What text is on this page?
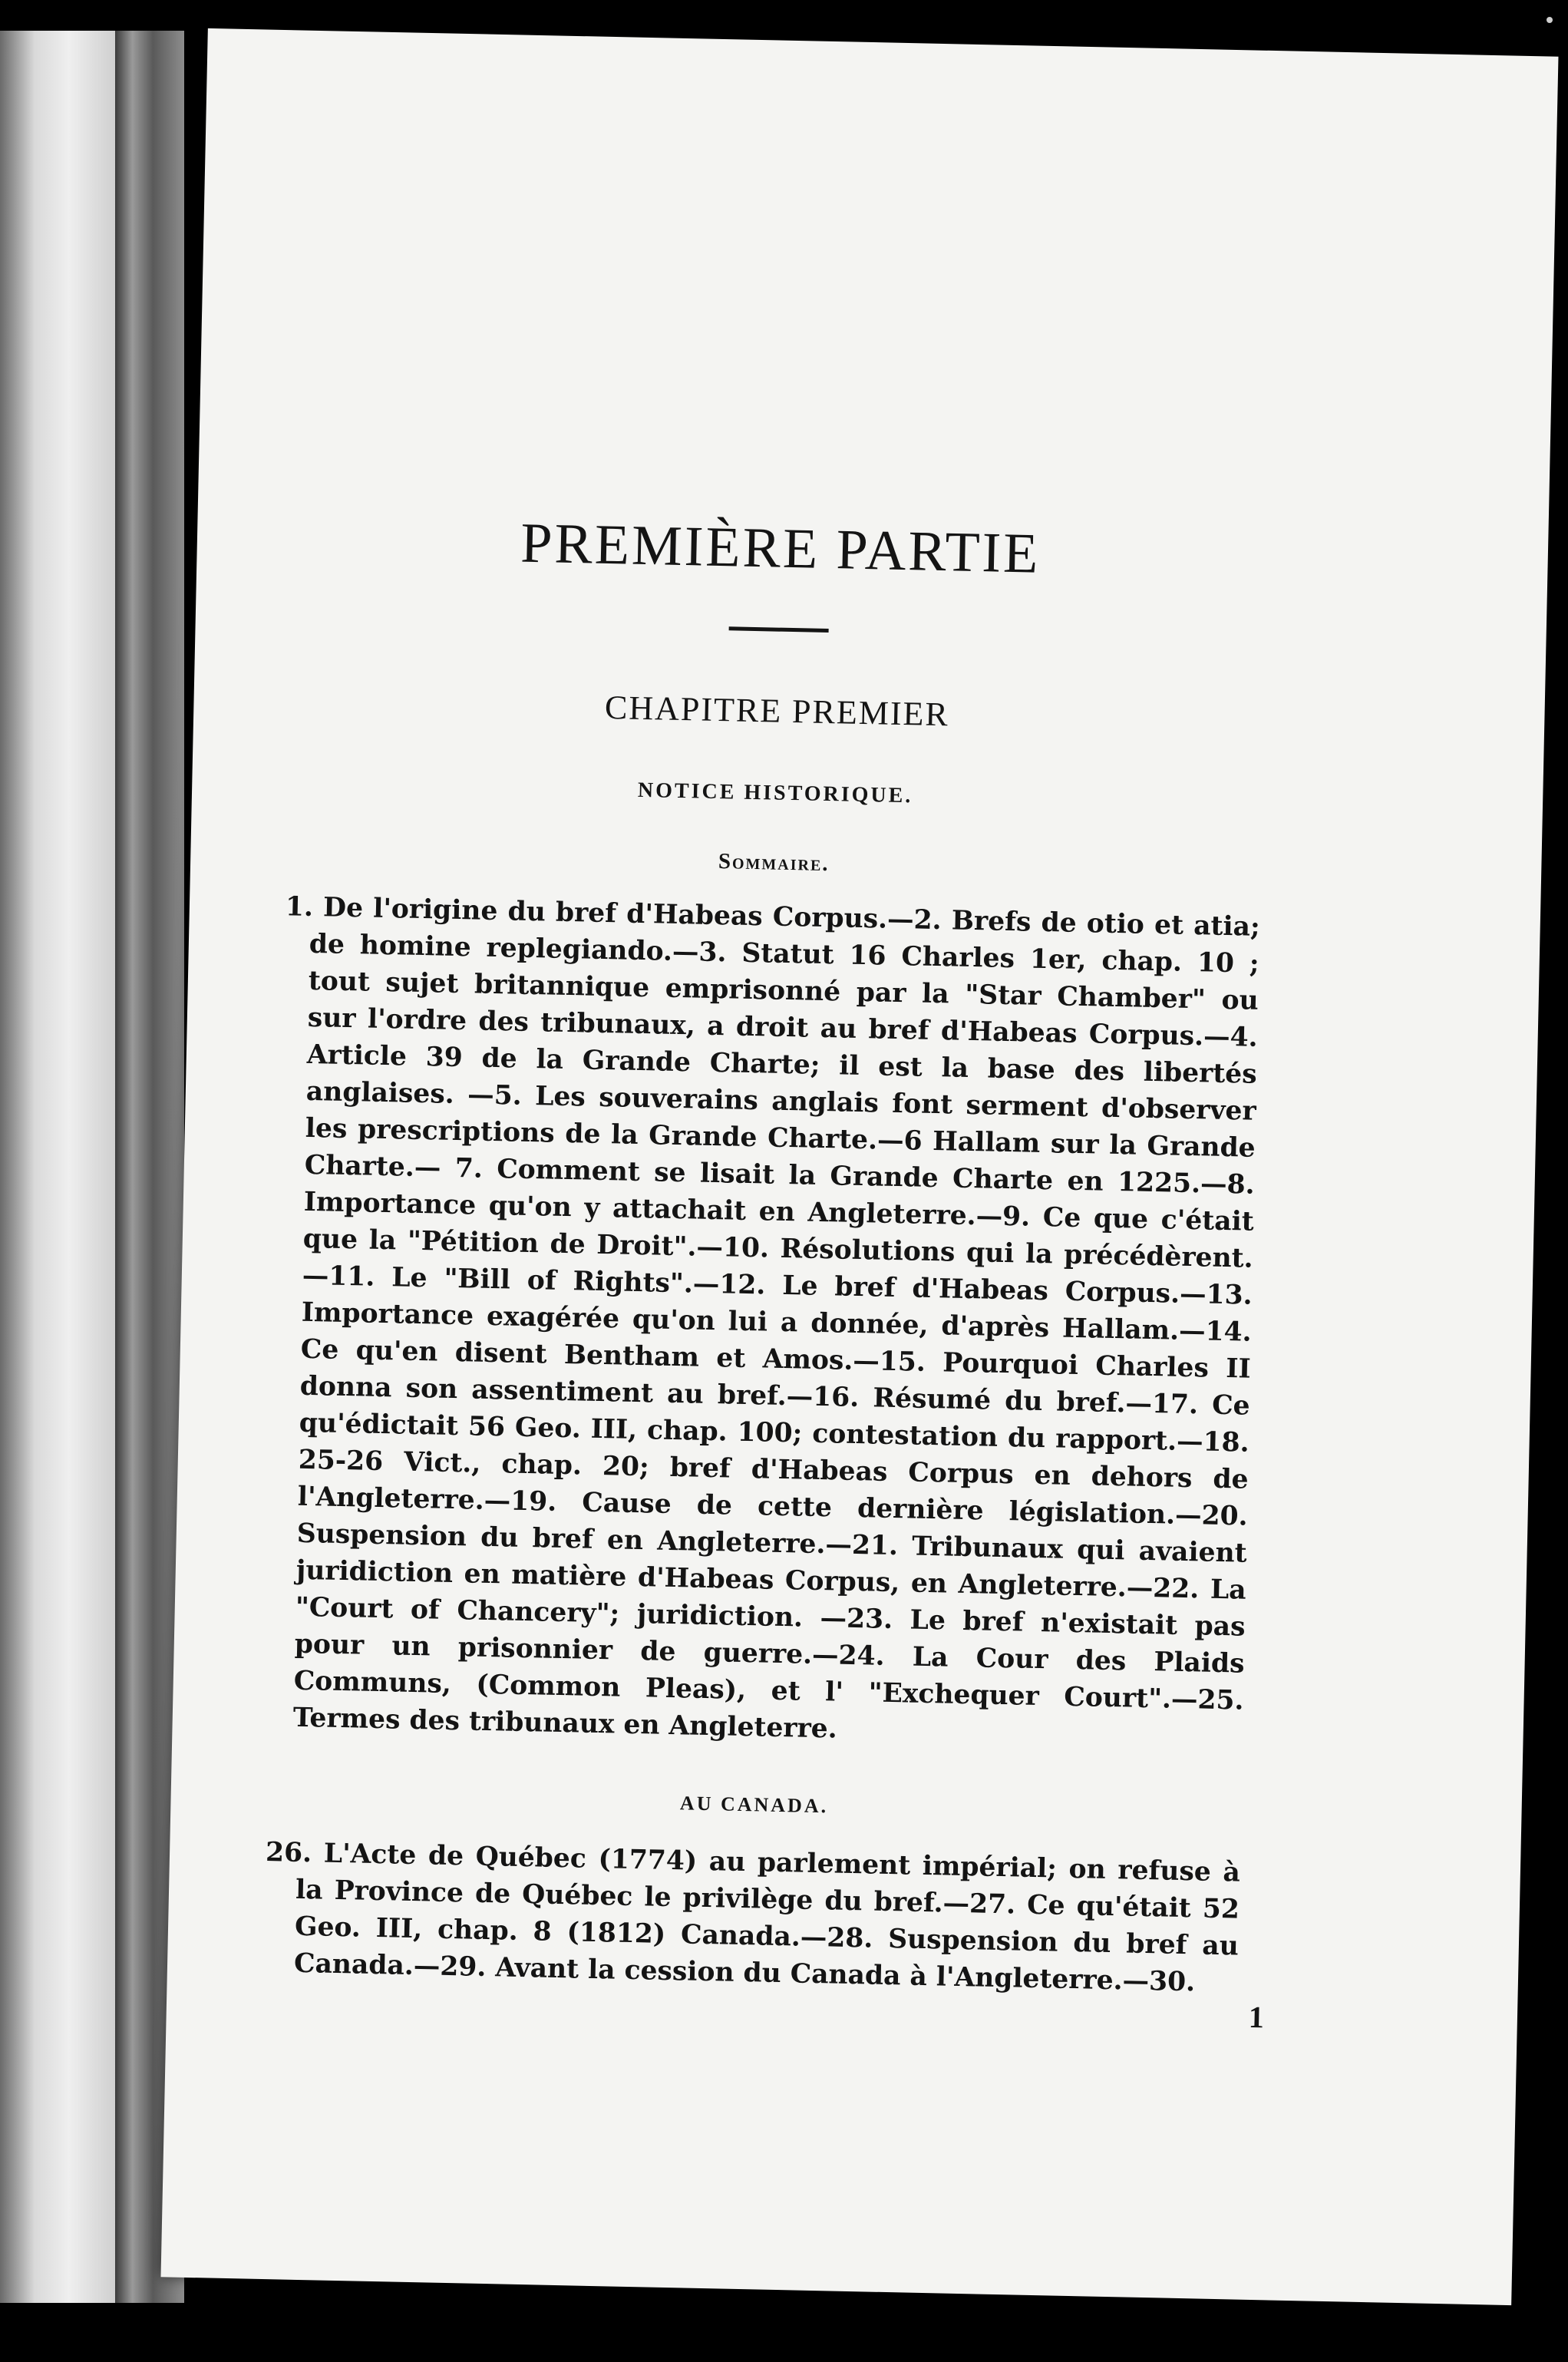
PREMIÈRE PARTIE
CHAPITRE PREMIER

NOTICE HISTORIQUE.

Sommaire.

1. De l'origine du bref d'Habeas Corpus.—2. Brefs de otio et atia; de homine replegiando.—3. Statut 16 Charles 1er, chap. 10 ; tout sujet britannique emprisonné par la "Star Chamber" ou sur l'ordre des tribunaux, a droit au bref d'Habeas Corpus.—4. Article 39 de la Grande Charte; il est la base des libertés anglaises. —5. Les souverains anglais font serment d'observer les prescriptions de la Grande Charte.—6 Hallam sur la Grande Charte.— 7. Comment se lisait la Grande Charte en 1225.—8. Importance qu'on y attachait en Angleterre.—9. Ce que c'était que la "Pétition de Droit".—10. Résolutions qui la précédèrent.—11. Le "Bill of Rights".—12. Le bref d'Habeas Corpus.—13. Importance exagérée qu'on lui a donnée, d'après Hallam.—14. Ce qu'en disent Bentham et Amos.—15. Pourquoi Charles II donna son assentiment au bref.—16. Résumé du bref.—17. Ce qu'édictait 56 Geo. III, chap. 100; contestation du rapport.—18. 25-26 Vict., chap. 20; bref d'Habeas Corpus en dehors de l'Angleterre.—19. Cause de cette dernière législation.—20. Suspension du bref en Angleterre.—21. Tribunaux qui avaient juridiction en matière d'Habeas Corpus, en Angleterre.—22. La "Court of Chancery"; juridiction. —23. Le bref n'existait pas pour un prisonnier de guerre.—24. La Cour des Plaids Communs, (Common Pleas), et l' "Exchequer Court".—25. Termes des tribunaux en Angleterre.

AU CANADA.

26. L'Acte de Québec (1774) au parlement impérial; on refuse à la Province de Québec le privilège du bref.—27. Ce qu'était 52 Geo. III, chap. 8 (1812) Canada.—28. Suspension du bref au Canada.—29. Avant la cession du Canada à l'Angleterre.—30.

1
